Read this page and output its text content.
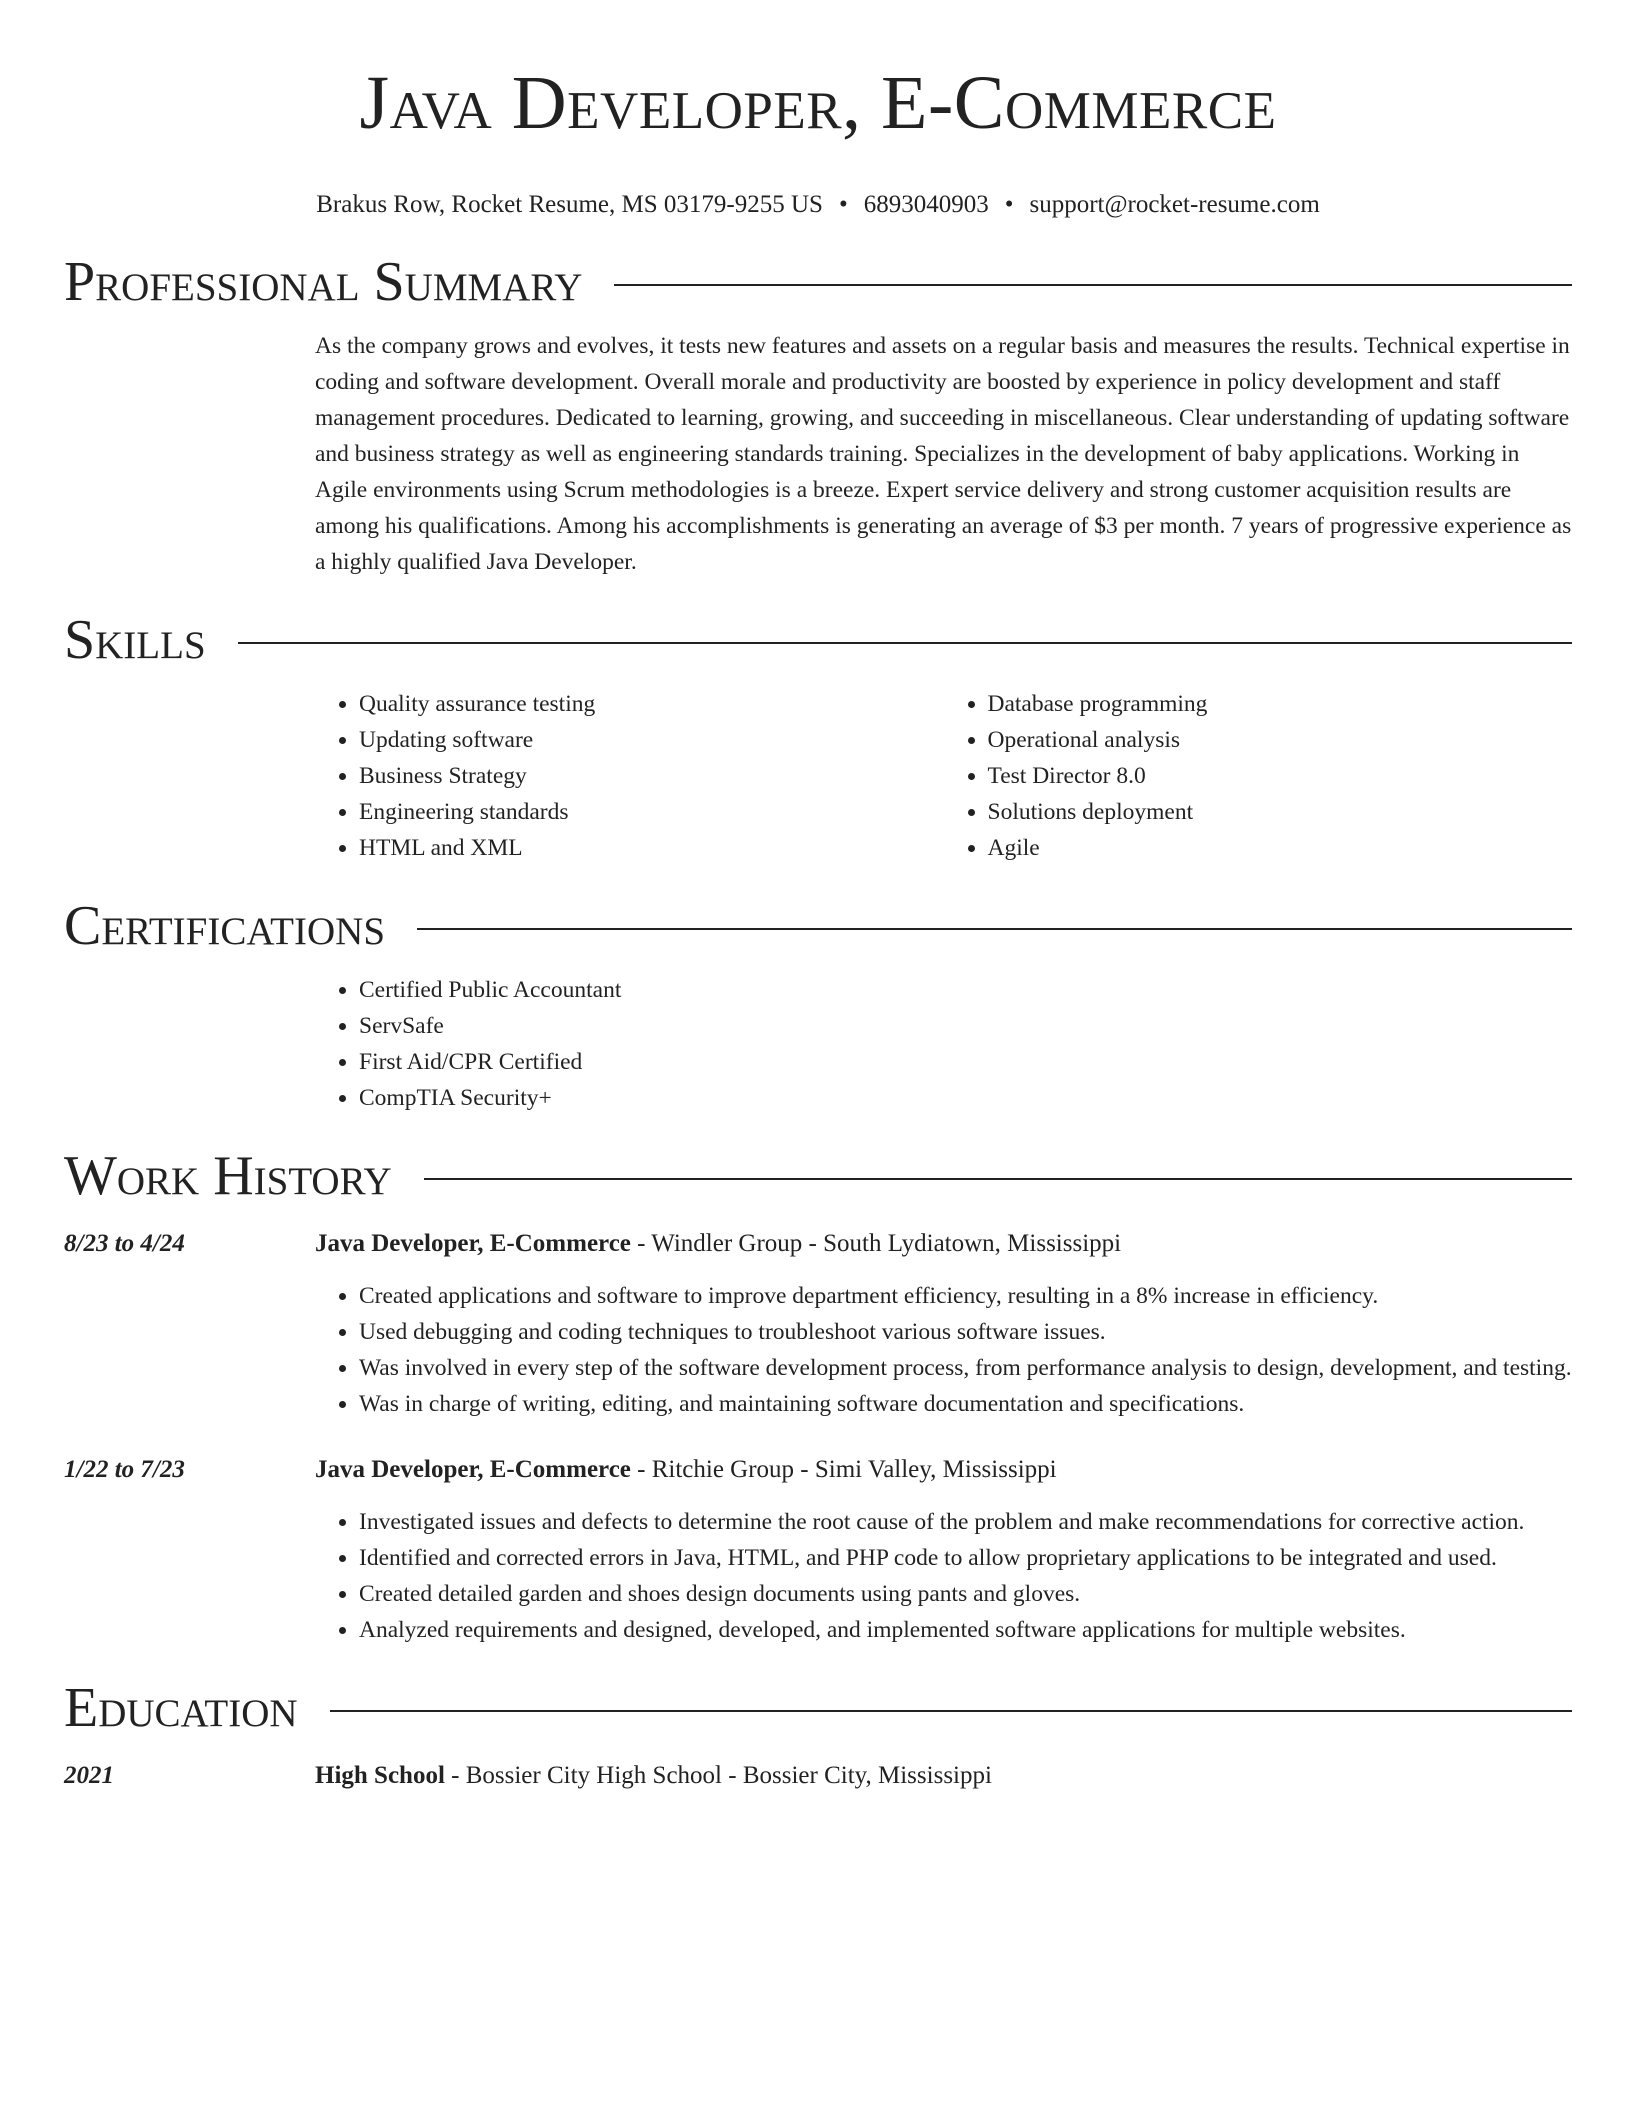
Java Developer, E-Commerce
Brakus Row, Rocket Resume, MS 03179-9255 US • 6893040903 • support@rocket-resume.com
Professional Summary

As the company grows and evolves, it tests new features and assets on a regular basis and measures the results. Technical expertise in coding and software development. Overall morale and productivity are boosted by experience in policy development and staff management procedures. Dedicated to learning, growing, and succeeding in miscellaneous. Clear understanding of updating software and business strategy as well as engineering standards training. Specializes in the development of baby applications. Working in Agile environments using Scrum methodologies is a breeze. Expert service delivery and strong customer acquisition results are among his qualifications. Among his accomplishments is generating an average of $3 per month. 7 years of progressive experience as a highly qualified Java Developer.

Skills
• Quality assurance testing
• Updating software
• Business Strategy
• Engineering standards
• HTML and XML
• Database programming
• Operational analysis
• Test Director 8.0
• Solutions deployment
• Agile
Certifications
• Certified Public Accountant
• ServSafe
• First Aid/CPR Certified
• CompTIA Security+
Work History
8/23 to 4/24	Java Developer, E-Commerce - Windler Group - South Lydiatown, Mississippi
• Created applications and software to improve department efficiency, resulting in a 8% increase in efficiency.
• Used debugging and coding techniques to troubleshoot various software issues.
• Was involved in every step of the software development process, from performance analysis to design, development, and testing.
• Was in charge of writing, editing, and maintaining software documentation and specifications.
1/22 to 7/23	Java Developer, E-Commerce - Ritchie Group - Simi Valley, Mississippi
• Investigated issues and defects to determine the root cause of the problem and make recommendations for corrective action.
• Identified and corrected errors in Java, HTML, and PHP code to allow proprietary applications to be integrated and used.
• Created detailed garden and shoes design documents using pants and gloves.
• Analyzed requirements and designed, developed, and implemented software applications for multiple websites.
Education
2021	High School - Bossier City High School - Bossier City, Mississippi
